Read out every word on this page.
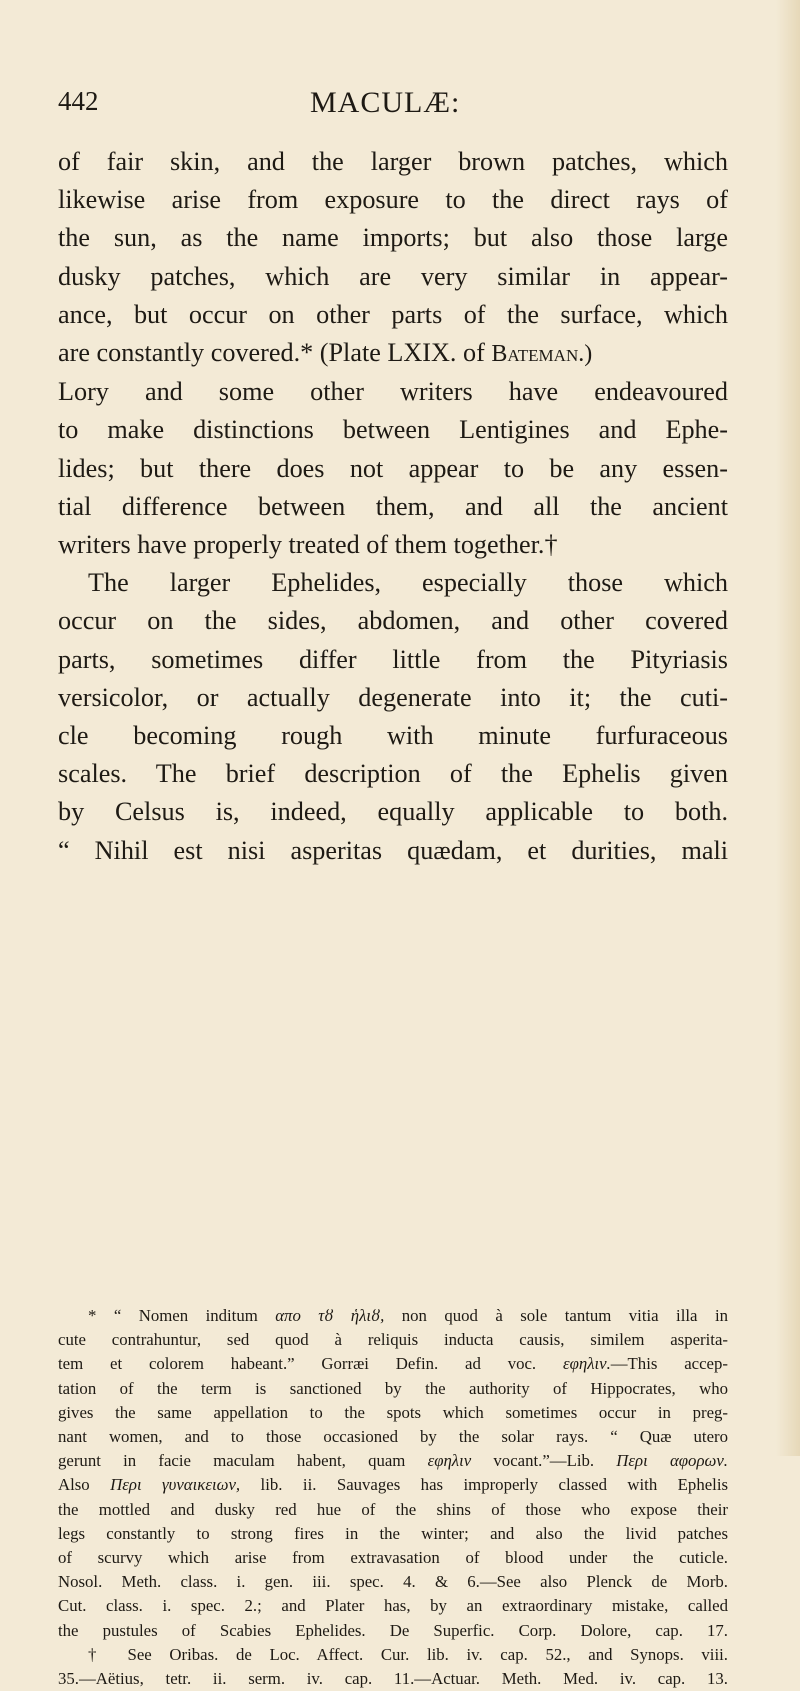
442	MACULÆ:
of fair skin, and the larger brown patches, which
likewise arise from exposure to the direct rays of
the sun, as the name imports; but also those large
dusky patches, which are very similar in appear-
ance, but occur on other parts of the surface, which
are constantly covered.* (Plate LXIX. of Bateman.)
Lory and some other writers have endeavoured
to make distinctions between Lentigines and Ephe-
lides; but there does not appear to be any essen-
tial difference between them, and all the ancient
writers have properly treated of them together.†
The larger Ephelides, especially those which
occur on the sides, abdomen, and other covered
parts, sometimes differ little from the Pityriasis
versicolor, or actually degenerate into it; the cuti-
cle becoming rough with minute furfuraceous
scales. The brief description of the Ephelis given
by Celsus is, indeed, equally applicable to both.
“ Nihil est nisi asperitas quædam, et durities, mali
* “ Nomen inditum απο τȣ ἡλιȣ, non quod à sole tantum vitia illa in
cute contrahuntur, sed quod à reliquis inducta causis, similem asperita-
tem et colorem habeant.” Gorræi Defin. ad voc. εφηλιν.—This accep-
tation of the term is sanctioned by the authority of Hippocrates, who
gives the same appellation to the spots which sometimes occur in preg-
nant women, and to those occasioned by the solar rays. “ Quæ utero
gerunt in facie maculam habent, quam εφηλιν vocant.”—Lib. Περι αφορων.
Also Περι γυναικειων, lib. ii. Sauvages has improperly classed with Ephelis
the mottled and dusky red hue of the shins of those who expose their
legs constantly to strong fires in the winter; and also the livid patches
of scurvy which arise from extravasation of blood under the cuticle.
Nosol. Meth. class. i. gen. iii. spec. 4. & 6.—See also Plenck de Morb.
Cut. class. i. spec. 2.; and Plater has, by an extraordinary mistake, called
the pustules of Scabies Ephelides. De Superfic. Corp. Dolore, cap. 17.
† See Oribas. de Loc. Affect. Cur. lib. iv. cap. 52., and Synops. viii.
35.—Aëtius, tetr. ii. serm. iv. cap. 11.—Actuar. Meth. Med. iv. cap. 13.
